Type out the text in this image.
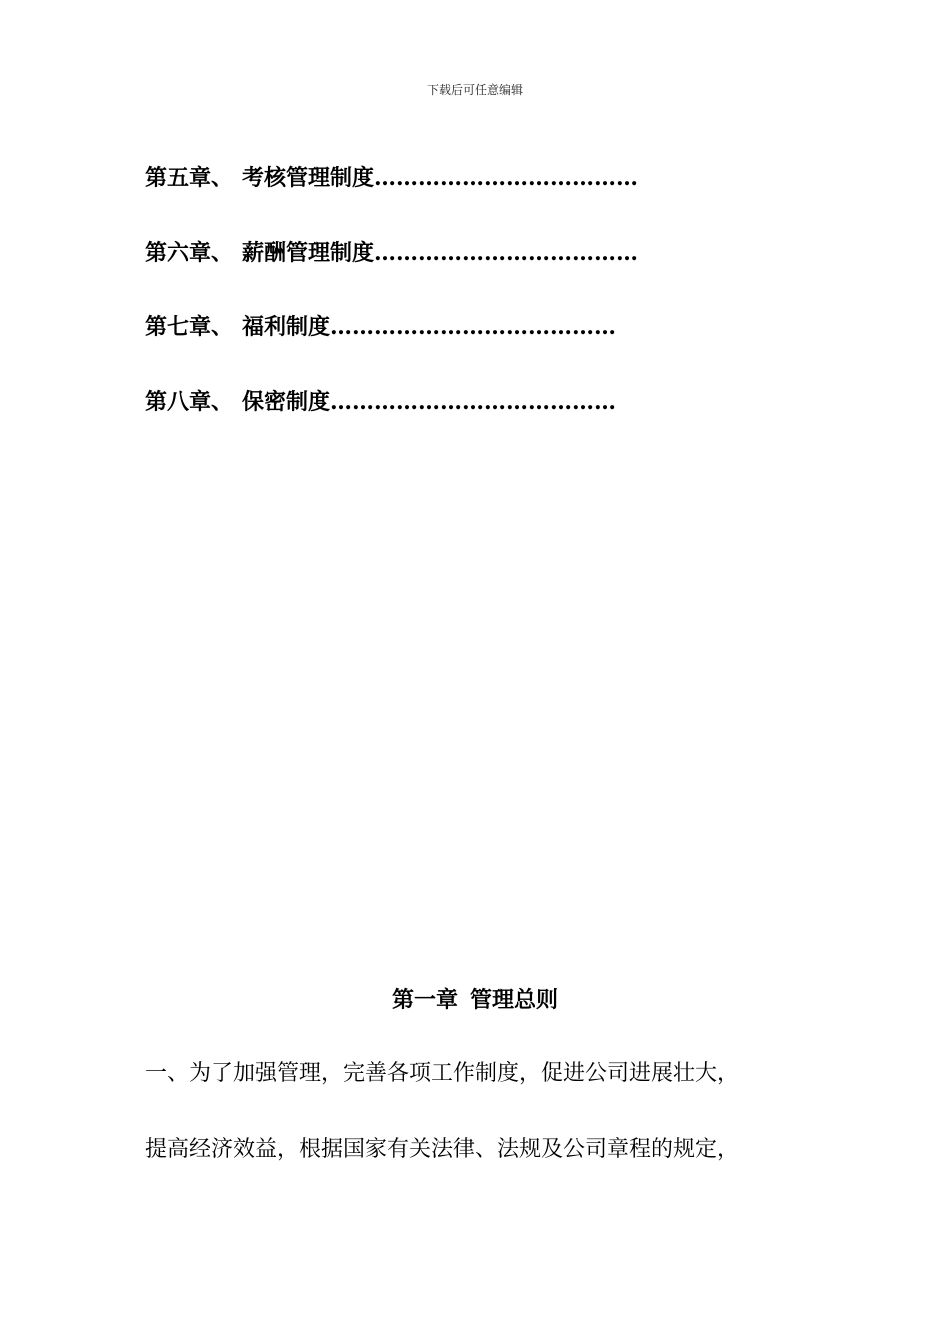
下载后可任意编辑
第五章、 考核管理制度 ………………………………
第六章、 薪酬管理制度 ………………………………
第七章、 福利制度 …………………………………
第八章、 保密制度 …………………………………
第一章 管理总则
一、为了加强管理，完善各项工作制度，促进公司进展壮大，
提高经济效益，根据国家有关法律、法规及公司章程的规定，
